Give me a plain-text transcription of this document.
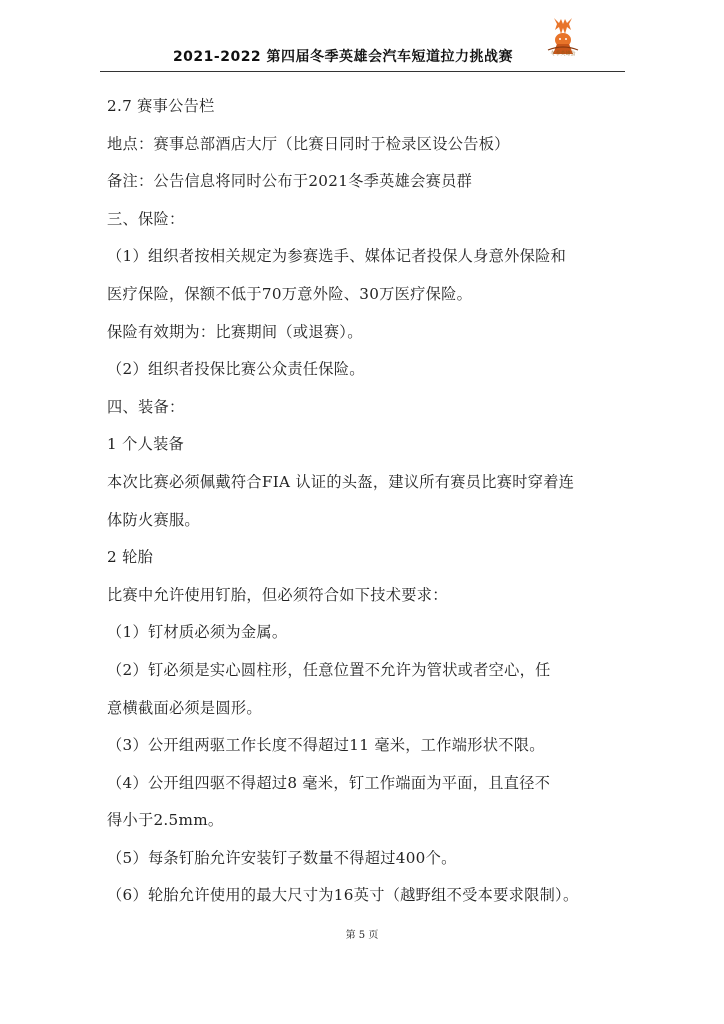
冬季英雄会
2021-2022 第四届冬季英雄会汽车短道拉力挑战赛
2.7 赛事公告栏
地点：赛事总部酒店大厅（比赛日同时于检录区设公告板）
备注：公告信息将同时公布于2021冬季英雄会赛员群
三、保险：
（1）组织者按相关规定为参赛选手、媒体记者投保人身意外保险和
医疗保险，保额不低于70万意外险、30万医疗保险。
保险有效期为：比赛期间（或退赛）。
（2）组织者投保比赛公众责任保险。
四、装备：
1 个人装备
本次比赛必须佩戴符合FIA 认证的头盔，建议所有赛员比赛时穿着连
体防火赛服。
2 轮胎
比赛中允许使用钉胎，但必须符合如下技术要求：
（1）钉材质必须为金属。
（2）钉必须是实心圆柱形，任意位置不允许为管状或者空心，任
意横截面必须是圆形。
（3）公开组两驱工作长度不得超过11 毫米，工作端形状不限。
（4）公开组四驱不得超过8 毫米，钉工作端面为平面，且直径不
得小于2.5mm。
（5）每条钉胎允许安装钉子数量不得超过400个。
（6）轮胎允许使用的最大尺寸为16英寸（越野组不受本要求限制）。
第 5 页
